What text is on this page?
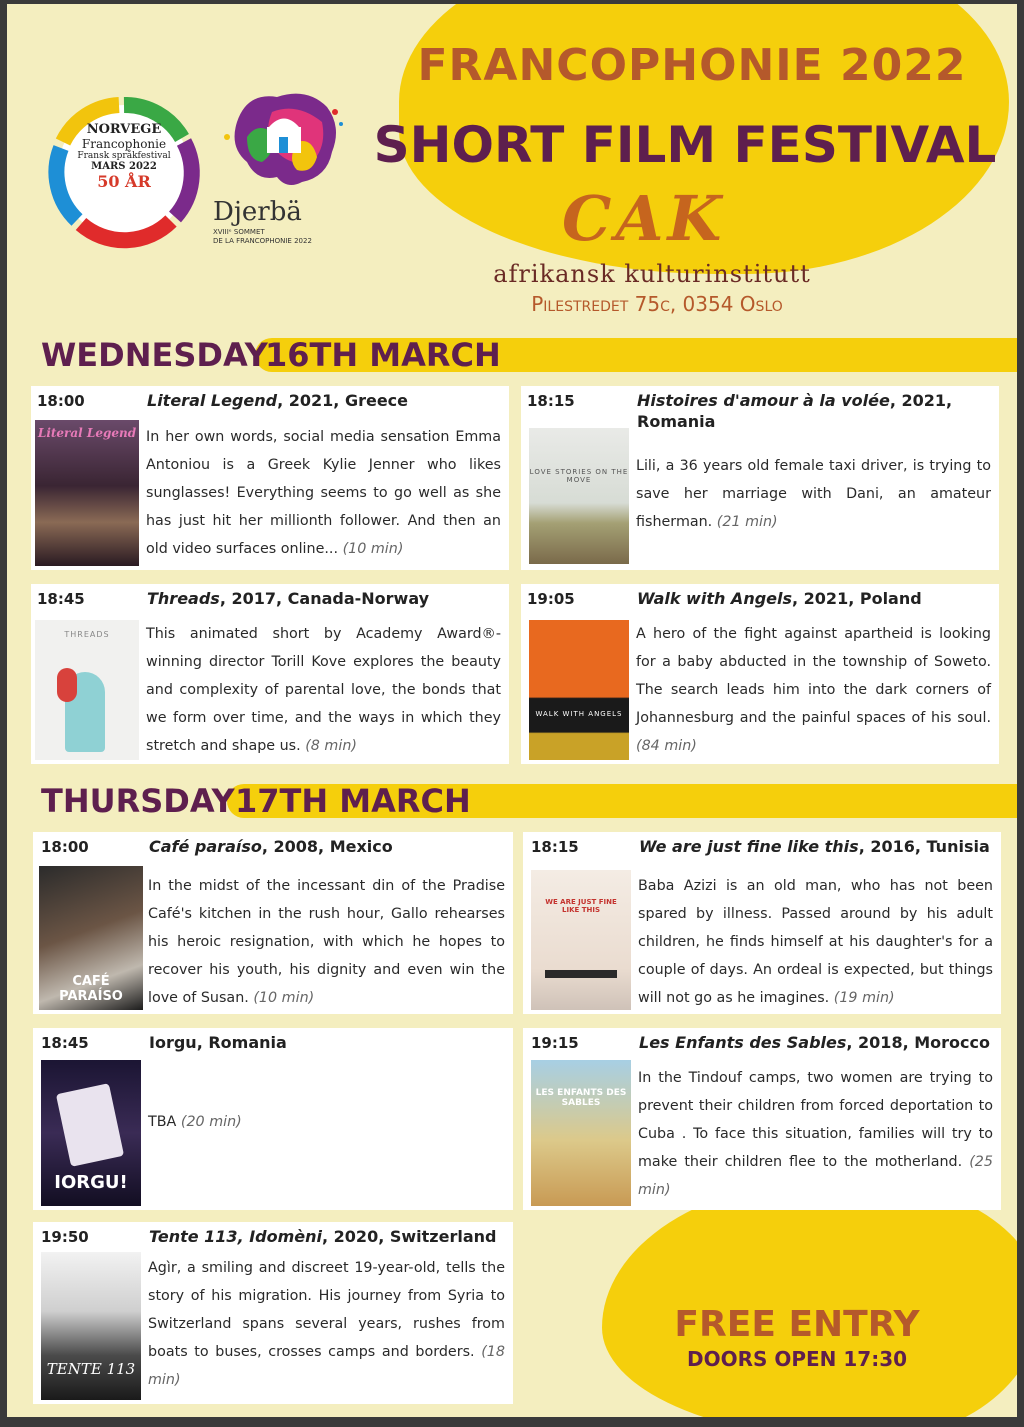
NORVEGE
Francophonie
Fransk språkfestival
MARS 2022
50 ÅR
Djerbä
XVIIIᵉ SOMMET
DE LA FRANCOPHONIE 2022
FRANCOPHONIE 2022
SHORT FILM FESTIVAL
CAK
afrikansk kulturinstitutt
Pilestredet 75c, 0354 Oslo
WEDNESDAY
16TH MARCH
THURSDAY 17TH MARCH
18:00	Literal Legend, 2021, Greece
Literal Legend In her own words, social media sensation Emma Antoniou is a Greek Kylie Jenner who likes sunglasses! Everything seems to go well as she has just hit her millionth follower. And then an old video surfaces online... (10 min)
18:15	Histoires d'amour à la volée, 2021, Romania
LOVE STORIES ON THE MOVE
Lili, a 36 years old female taxi driver, is trying to save her marriage with Dani, an amateur fisherman. (21 min)
18:45	Threads, 2017, Canada-Norway
THREADS	This animated short by Academy Award®-winning director Torill Kove explores the beauty and complexity of parental love, the bonds that we form over time, and the ways in which they stretch and shape us. (8 min)
19:05	Walk with Angels, 2021, Poland
WALK WITH ANGELS
A hero of the fight against apartheid is looking for a baby abducted in the township of Soweto. The search leads him into the dark corners of Johannesburg and the painful spaces of his soul. (84 min)
18:00	Café paraíso, 2008, Mexico
CAFÉ PARAÍSO
In the midst of the incessant din of the Pradise Café's kitchen in the rush hour, Gallo rehearses his heroic resignation, with which he hopes to recover his youth, his dignity and even win the love of Susan. (10 min)
18:15	We are just fine like this, 2016, Tunisia
WE ARE JUST FINE LIKE THIS
Baba Azizi is an old man, who has not been spared by illness. Passed around by his adult children, he finds himself at his daughter's for a couple of days. An ordeal is expected, but things will not go as he imagines. (19 min)
18:45	Iorgu, Romania
IORGU!
TBA (20 min)
19:15	Les Enfants des Sables, 2018, Morocco
LES ENFANTS DES SABLES
In the Tindouf camps, two women are trying to prevent their children from forced deportation to Cuba . To face this situation, families will try to make their children flee to the motherland. (25 min)
19:50	Tente 113, Idomèni, 2020, Switzerland
TENTE 113
Agìr, a smiling and discreet 19-year-old, tells the story of his migration. His journey from Syria to Switzerland spans several years, rushes from boats to buses, crosses camps and borders. (18 min)
FREE ENTRY
DOORS OPEN 17:30
